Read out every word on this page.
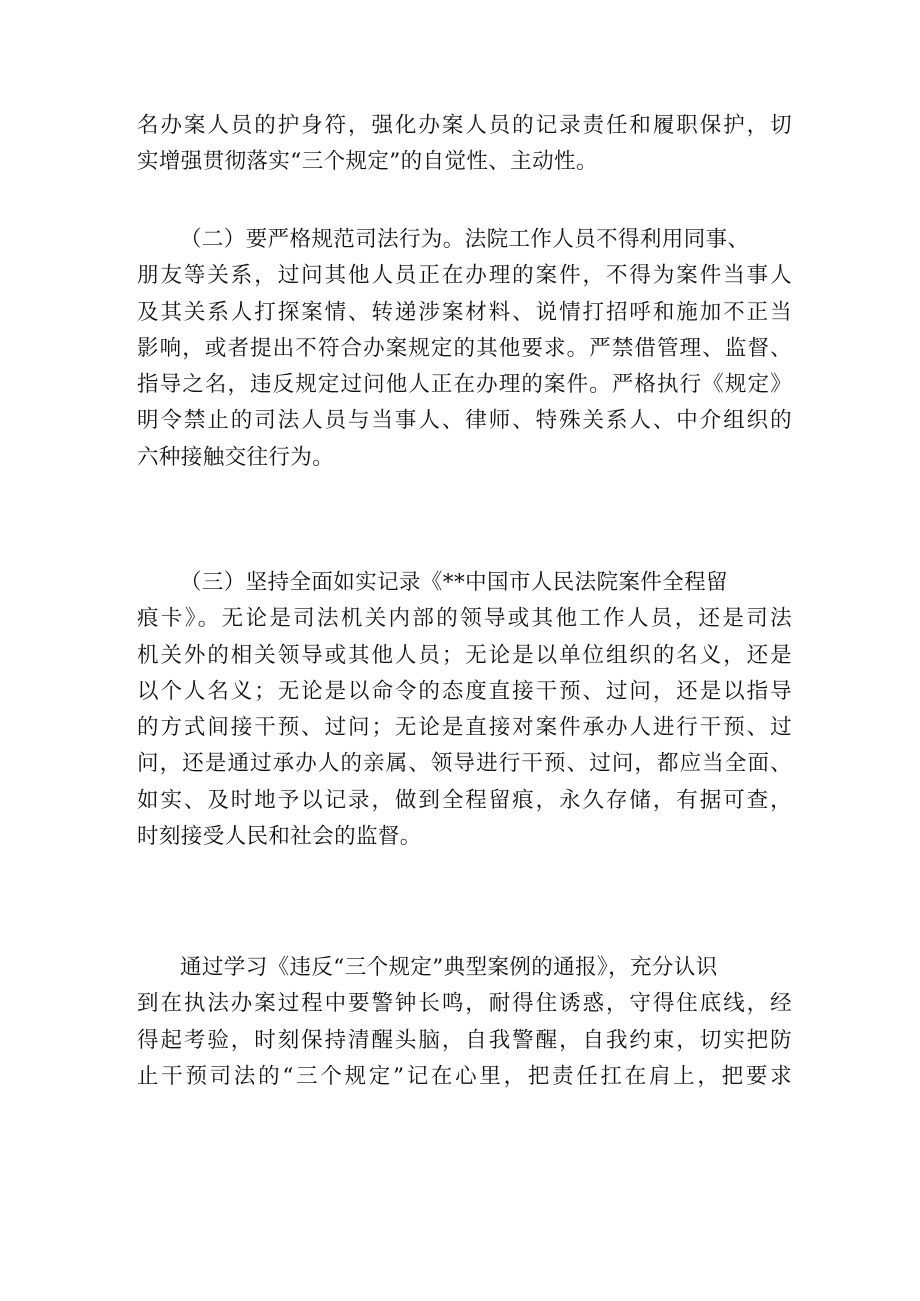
名办案人员的护身符，强化办案人员的记录责任和履职保护，切
实增强贯彻落实“三个规定”的自觉性、主动性。
（二）要严格规范司法行为。法院工作人员不得利用同事、
朋友等关系，过问其他人员正在办理的案件，不得为案件当事人
及其关系人打探案情、转递涉案材料、说情打招呼和施加不正当
影响，或者提出不符合办案规定的其他要求。严禁借管理、监督、
指导之名，违反规定过问他人正在办理的案件。严格执行《规定》
明令禁止的司法人员与当事人、律师、特殊关系人、中介组织的
六种接触交往行为。
（三）坚持全面如实记录《**中国市人民法院案件全程留
痕卡》。无论是司法机关内部的领导或其他工作人员，还是司法
机关外的相关领导或其他人员；无论是以单位组织的名义，还是
以个人名义；无论是以命令的态度直接干预、过问，还是以指导
的方式间接干预、过问；无论是直接对案件承办人进行干预、过
问，还是通过承办人的亲属、领导进行干预、过问，都应当全面、
如实、及时地予以记录，做到全程留痕，永久存储，有据可查，
时刻接受人民和社会的监督。
通过学习《违反“三个规定”典型案例的通报》，充分认识
到在执法办案过程中要警钟长鸣，耐得住诱惑，守得住底线，经
得起考验，时刻保持清醒头脑，自我警醒，自我约束，切实把防
止干预司法的“三个规定”记在心里，把责任扛在肩上，把要求
